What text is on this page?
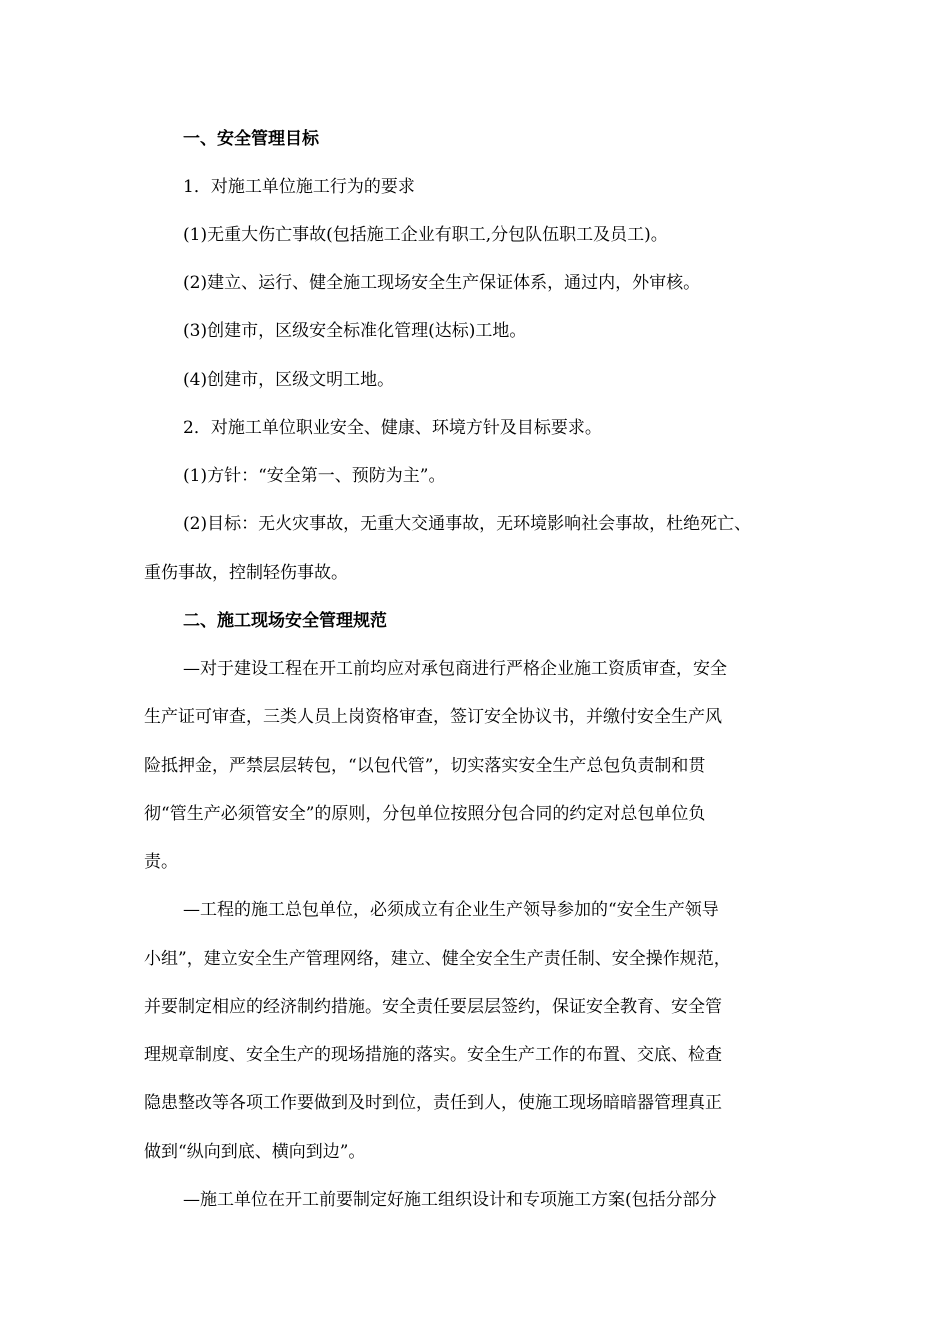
一、安全管理目标
1．对施工单位施工行为的要求
(1)无重大伤亡事故(包括施工企业有职工,分包队伍职工及员工)。
(2)建立、运行、健全施工现场安全生产保证体系，通过内，外审核。
(3)创建市，区级安全标准化管理(达标)工地。
(4)创建市，区级文明工地。
2．对施工单位职业安全、健康、环境方针及目标要求。
(1)方针：“安全第一、预防为主”。
(2)目标：无火灾事故，无重大交通事故，无环境影响社会事故，杜绝死亡、
重伤事故，控制轻伤事故。
二、施工现场安全管理规范
—对于建设工程在开工前均应对承包商进行严格企业施工资质审查，安全
生产证可审查，三类人员上岗资格审查，签订安全协议书，并缴付安全生产风
险抵押金，严禁层层转包，“以包代管”，切实落实安全生产总包负责制和贯
彻“管生产必须管安全”的原则，分包单位按照分包合同的约定对总包单位负
责。
—工程的施工总包单位，必须成立有企业生产领导参加的“安全生产领导
小组”，建立安全生产管理网络，建立、健全安全生产责任制、安全操作规范，
并要制定相应的经济制约措施。安全责任要层层签约，保证安全教育、安全管
理规章制度、安全生产的现场措施的落实。安全生产工作的布置、交底、检查
隐患整改等各项工作要做到及时到位，责任到人，使施工现场暗暗器管理真正
做到“纵向到底、横向到边”。
—施工单位在开工前要制定好施工组织设计和专项施工方案(包括分部分
